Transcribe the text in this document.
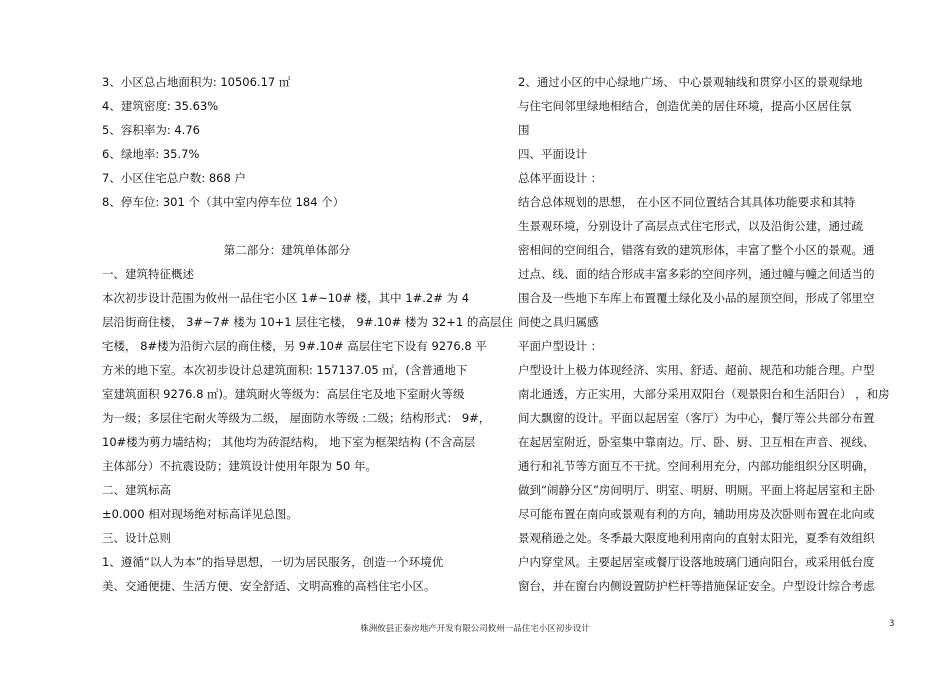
3、小区总占地面积为: 10506.17 ㎡
4、建筑密度: 35.63%
5、容积率为: 4.76
6、绿地率: 35.7%
7、小区住宅总户数: 868 户
8、停车位: 301 个（其中室内停车位 184 个）
第二部分：建筑单体部分
一、建筑特征概述
本次初步设计范围为攸州一品住宅小区 1#~10# 楼，其中 1#.2# 为 4
层沿街商住楼， 3#~7# 楼为 10+1 层住宅楼， 9#.10# 楼为 32+1 的高层住
宅楼， 8#楼为沿街六层的商住楼，另 9#.10# 高层住宅下设有 9276.8 平
方米的地下室。本次初步设计总建筑面积: 157137.05 ㎡，(含普通地下
室建筑面积 9276.8 ㎡)。建筑耐火等级为：高层住宅及地下室耐火等级
为一级；多层住宅耐火等级为二级， 屋面防水等级 :二级；结构形式： 9#，
10#楼为剪力墙结构； 其他均为砖混结构， 地下室为框架结构 (不含高层
主体部分）不抗震设防；建筑设计使用年限为 50 年。
二、建筑标高
±0.000 相对现场绝对标高详见总图。
三、设计总则
1、遵循“以人为本”的指导思想，一切为居民服务，创造一个环境优
美、交通便捷、生活方便、安全舒适、文明高雅的高档住宅小区。
2、通过小区的中心绿地广场、 中心景观轴线和贯穿小区的景观绿地
与住宅间邻里绿地相结合，创造优美的居住环境，提高小区居住氛
围
四、平面设计
总体平面设计 ：
结合总体规划的思想， 在小区不同位置结合其具体功能要求和其特
生景观环境，分别设计了高层点式住宅形式，以及沿街公建，通过疏
密相间的空间组合，错落有致的建筑形体，丰富了整个小区的景观。通
过点、线、面的结合形成丰富多彩的空间序列，通过幢与幢之间适当的
围合及一些地下车库上布置覆土绿化及小品的屋顶空间，形成了邻里空
间使之具归属感
平面户型设计 ：
户型设计上极力体现经济、实用、舒适、超前、规范和功能合理。户型
南北通透，方正实用，大部分采用双阳台（观景阳台和生活阳台） ，和房
间大飘窗的设计。平面以起居室（客厅）为中心，餐厅等公共部分布置
在起居室附近，卧室集中靠南边。厅、卧、厨、卫互相在声音、视线、
通行和礼节等方面互不干扰。空间利用充分，内部功能组织分区明确，
做到“闹静分区”房间明厅、明室、明厨、明厕。平面上将起居室和主卧
尽可能布置在南向或景观有利的方向，辅助用房及次卧则布置在北向或
景观稍逊之处。冬季最大限度地利用南向的直射太阳光，夏季有效组织
户内穿堂风。主要起居室或餐厅设落地玻璃门通向阳台，或采用低台度
窗台，并在窗台内侧设置防护栏杆等措施保证安全。户型设计综合考虑
株洲攸县正泰房地产开发有限公司攸州一品住宅小区初步设计	3
